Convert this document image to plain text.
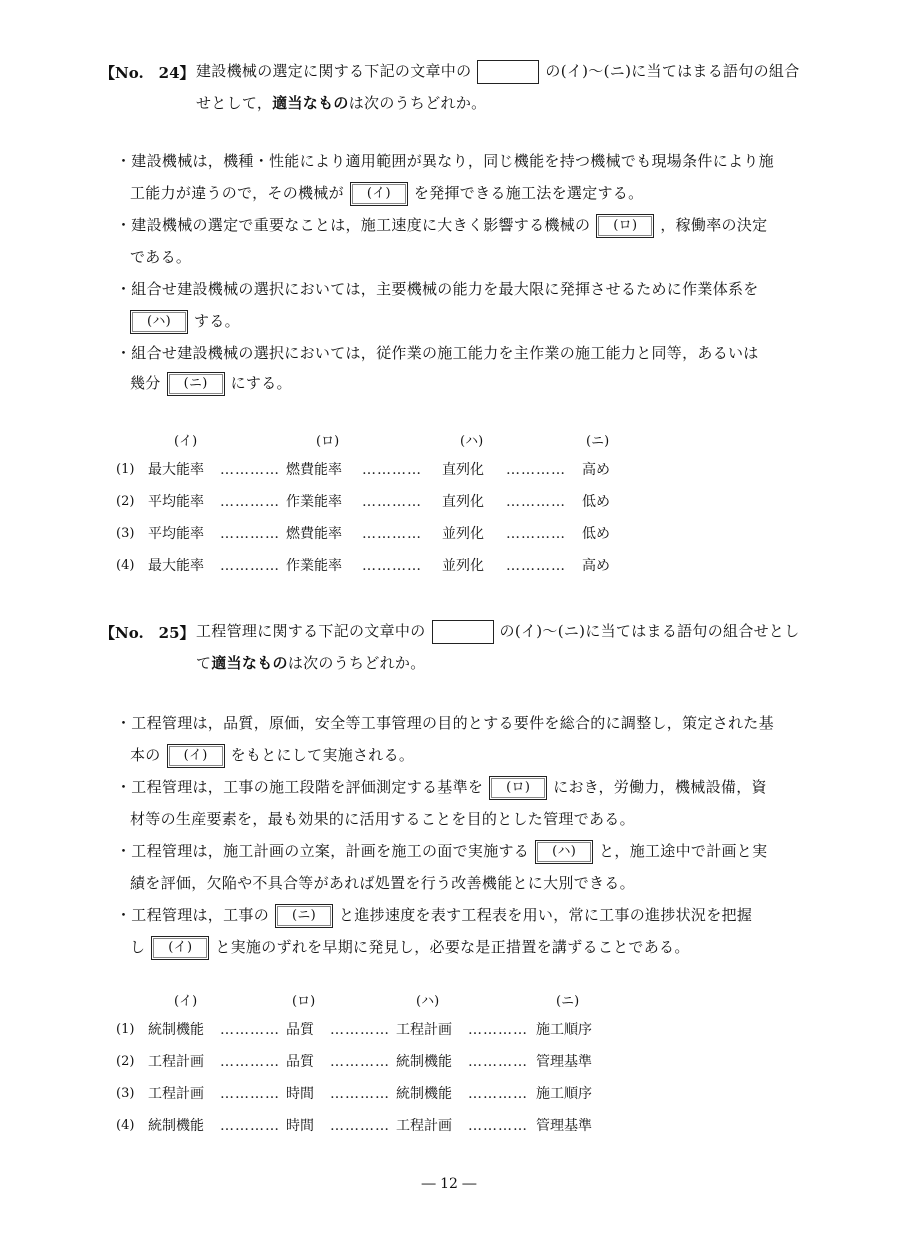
【No.　24】 建設機械の選定に関する下記の文章中の	の(イ)～(ニ)に当てはまる語句の組合
せとして，適当なものは次のうちどれか。
・建設機械は，機種・性能により適用範囲が異なり，同じ機能を持つ機械でも現場条件により施
工能力が違うので，その機械が (イ) を発揮できる施工法を選定する。
・建設機械の選定で重要なことは，施工速度に大きく影響する機械の (ロ) ，稼働率の決定
である。
・組合せ建設機械の選択においては，主要機械の能力を最大限に発揮させるために作業体系を
(ハ) する。
・組合せ建設機械の選択においては，従作業の施工能力を主作業の施工能力と同等，あるいは
幾分 (ニ) にする。
(イ)	(ロ)	(ハ)	(ニ)
(1) 最大能率 ………… 燃費能率 ………… 直列化 ………… 高め
(2) 平均能率 ………… 作業能率 ………… 直列化 ………… 低め
(3) 平均能率 ………… 燃費能率 ………… 並列化 ………… 低め
(4) 最大能率 ………… 作業能率 ………… 並列化 ………… 高め
【No.　25】 工程管理に関する下記の文章中の	の(イ)～(ニ)に当てはまる語句の組合せとし
て適当なものは次のうちどれか。
・工程管理は，品質，原価，安全等工事管理の目的とする要件を総合的に調整し，策定された基
本の (イ) をもとにして実施される。
・工程管理は，工事の施工段階を評価測定する基準を (ロ) におき，労働力，機械設備，資
材等の生産要素を，最も効果的に活用することを目的とした管理である。
・工程管理は，施工計画の立案，計画を施工の面で実施する (ハ) と，施工途中で計画と実
績を評価，欠陥や不具合等があれば処置を行う改善機能とに大別できる。
・工程管理は，工事の (ニ) と進捗速度を表す工程表を用い，常に工事の進捗状況を把握
し (イ) と実施のずれを早期に発見し，必要な是正措置を講ずることである。
(イ)	(ロ)	(ハ)	(ニ)
(1) 統制機能 ………… 品質 ………… 工程計画 ………… 施工順序
(2) 工程計画 ………… 品質 ………… 統制機能 ………… 管理基準
(3) 工程計画 ………… 時間 ………… 統制機能 ………… 施工順序
(4) 統制機能 ………… 時間 ………… 工程計画 ………… 管理基準
― 12 ―
